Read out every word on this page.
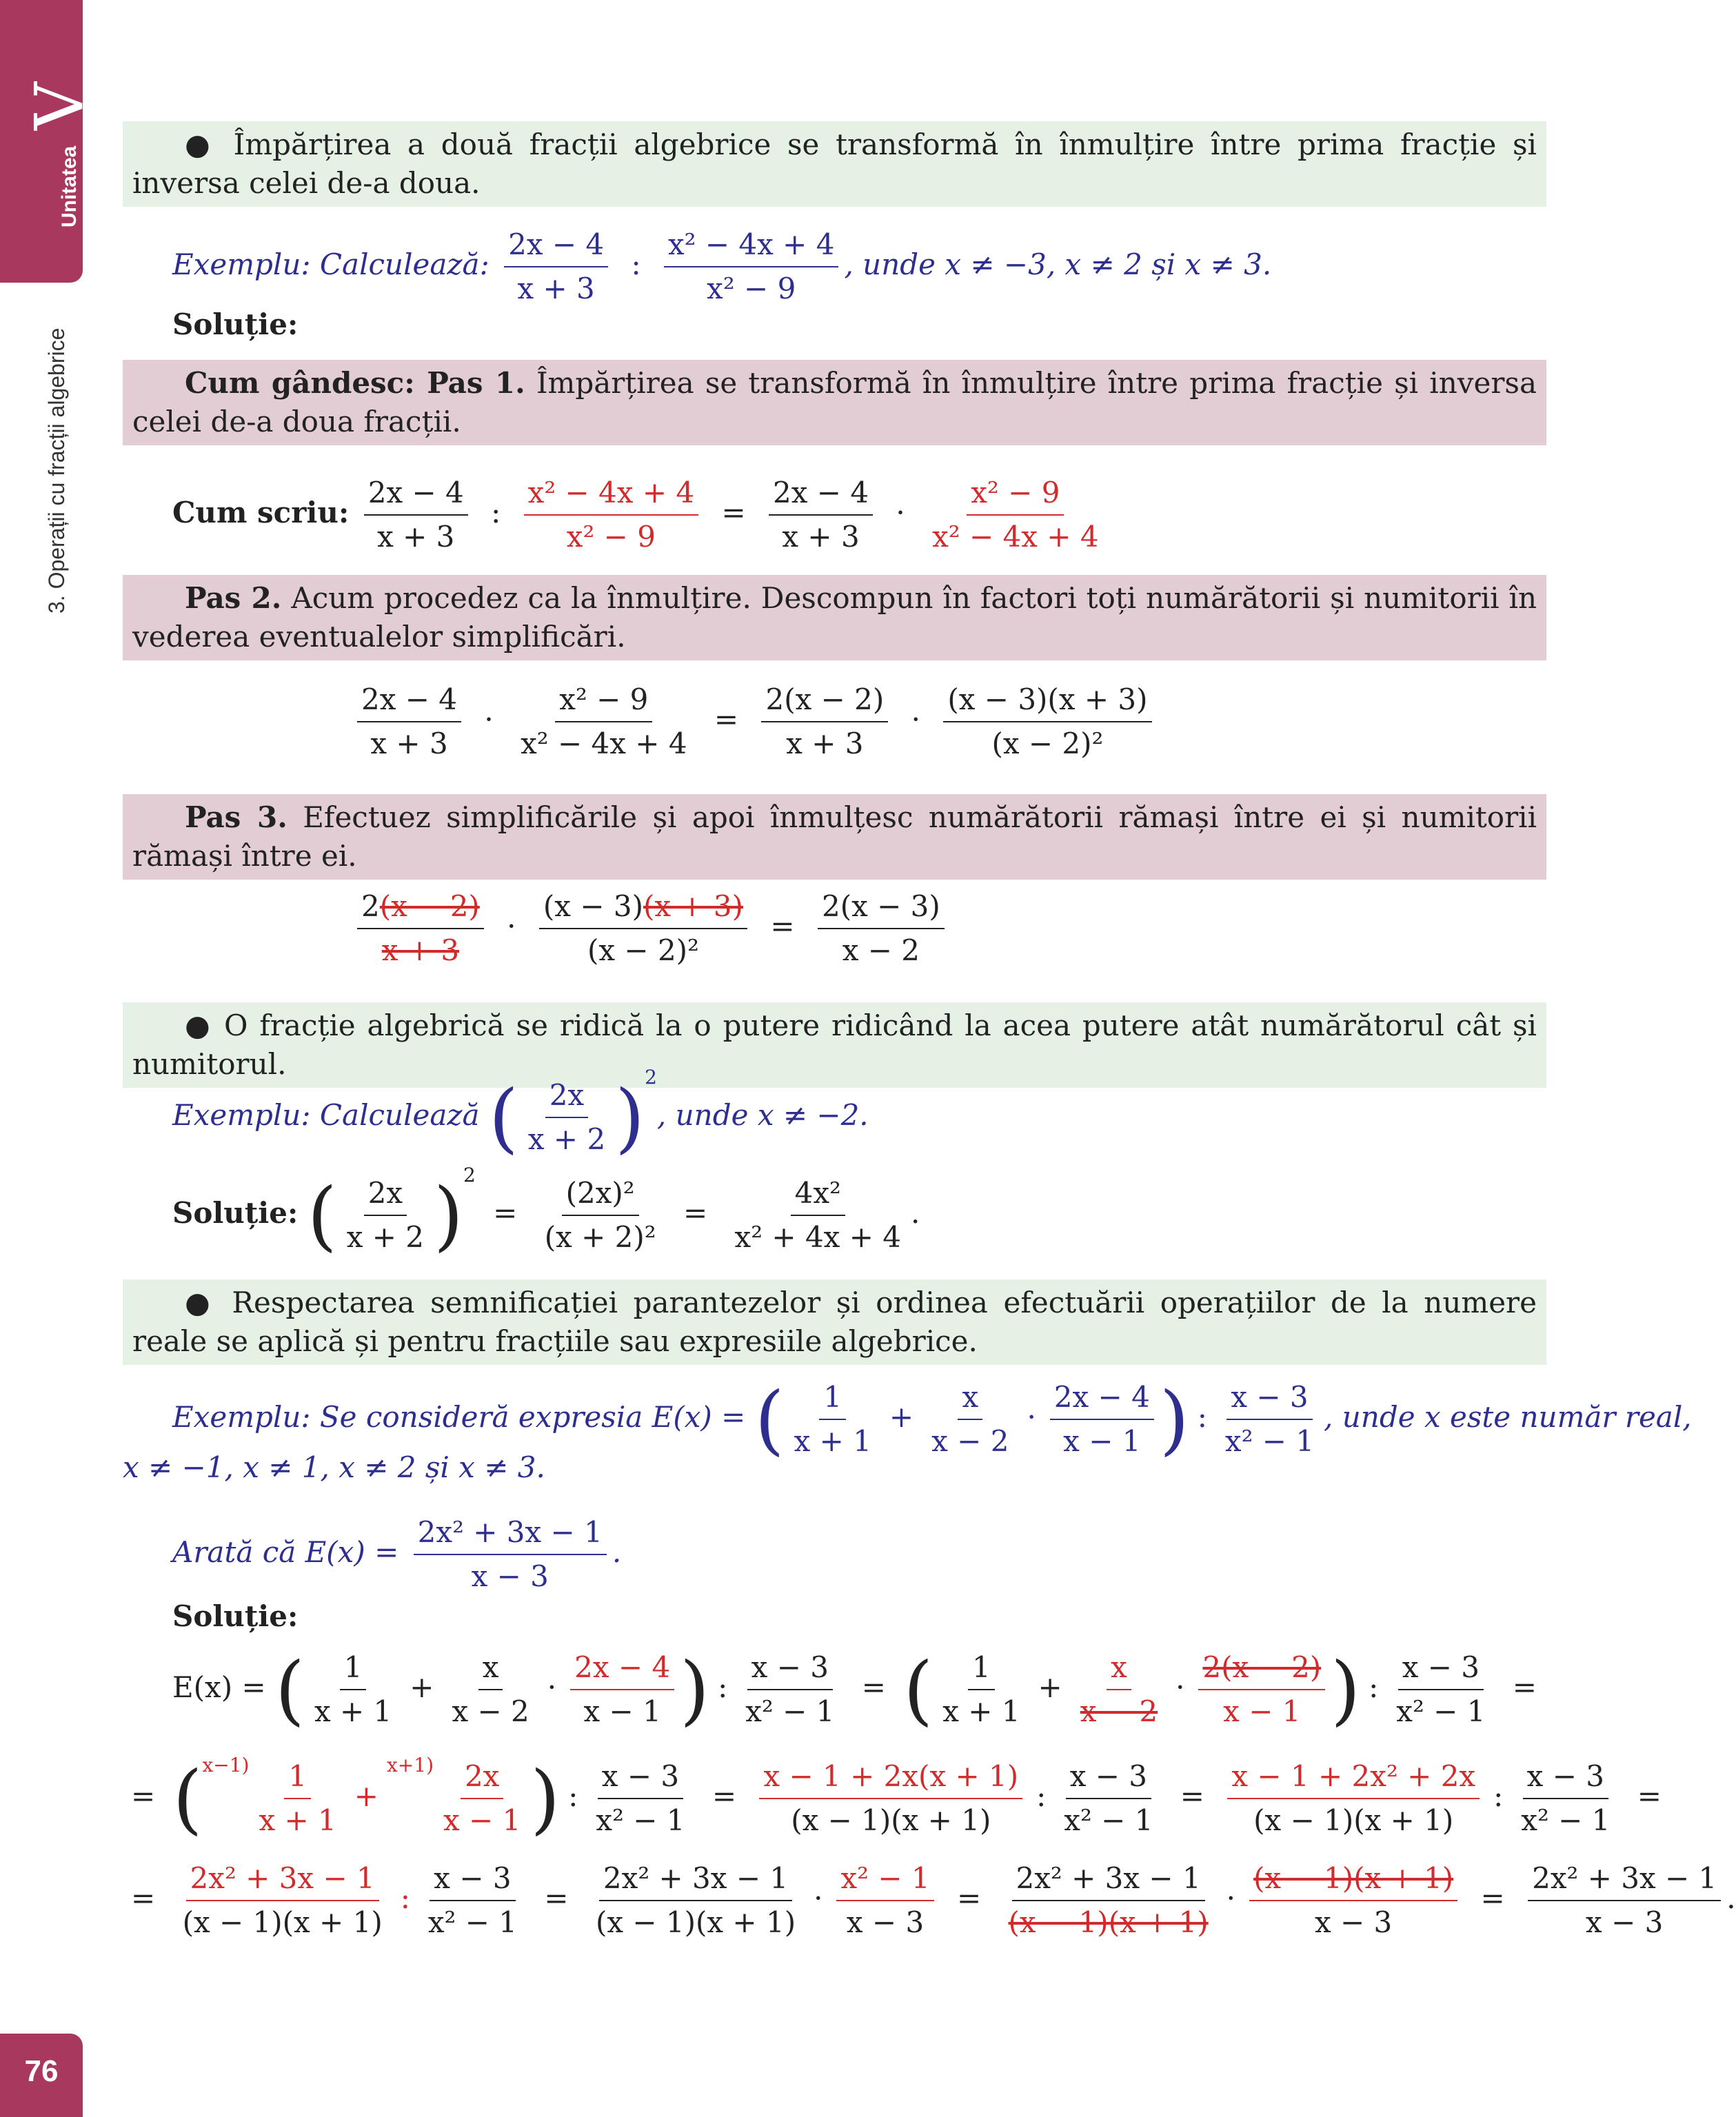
V
Unitatea
3. Operații cu fracții algebrice
76
● Împărțirea a două fracții algebrice se transformă în înmulțire între prima fracție și inversa celei de-a doua.
Exemplu: Calculează: $\frac{2x - 4}{x + 3}$ : $\frac{\text{x² − 4x + 4}}{\text{x² − 9}}$ , unde x ≠ −3, x ≠ 2 și x ≠ 3.
Soluție:
Cum gândesc: Pas 1. Împărțirea se transformă în înmulțire între prima fracție și inversa celei de-a doua fracții.
Cum scriu: $\frac{2x - 4}{x + 3}$ : $\frac{\text{x² − 4x + 4}}{\text{x² − 9}} = \frac{2x - 4}{x + 3} \cdot \frac{\text{x² − 9}}{\text{x² − 4x + 4}}$
Pas 2. Acum procedez ca la înmulțire. Descompun în factori toți numărătorii și numitorii în vederea eventualelor simplificări.
$\frac{2x - 4}{x + 3} \cdot \frac{\text{x² − 9}}{\text{x² − 4x + 4}} = \frac{2(x - 2)}{x + 3} \cdot \frac{(x - 3)(x + 3)}{\text{(x − 2)²}}$
Pas 3. Efectuez simplificările și apoi înmulțesc numărătorii rămași între ei și numitorii rămași între ei.
$\frac{2(x - 2)}{x + 3} \cdot \frac{(x - 3)(x + 3)}{\text{(x − 2)²}} = \frac{2(x - 3)}{x - 2}$
● O fracție algebrică se ridică la o putere ridicând la acea putere atât numărătorul cât și numitorul.
Exemplu: Calculează ( $\frac{2x}{x + 2} )^2$, unde x ≠ −2.
Soluție: ( $\frac{2x}{x + 2} )^2 = \frac{\text{(2x)²}}{\text{(x + 2)²}} = \frac{\text{4x²}}{\text{x² + 4x + 4}}$ .
● Respectarea semnificației parantezelor și ordinea efectuării operațiilor de la numere reale se aplică și pentru fracțiile sau expresiile algebrice.
Exemplu: Se consideră expresia E(x) = ( $\frac{1}{x + 1} + \frac{x}{x - 2} \cdot \frac{2x - 4}{x - 1}$ ) : $\frac{x - 3}{\text{x² − 1}}$ , unde x este număr real,
x ≠ −1, x ≠ 1, x ≠ 2 și x ≠ 3.
Arată că $E(x) = \frac{\text{2x² + 3x − 1}}{x - 3}$ .
Soluție:
E(x) = ( $\frac{1}{x + 1} + \frac{x}{x - 2} \cdot \frac{2x - 4}{x - 1}$ ) : $\frac{x - 3}{\text{x² − 1}}$ = ( $\frac{1}{x + 1} + \frac{x}{x - 2} \cdot \frac{2(x - 2)}{x - 1}$ ) : $\frac{x - 3}{\text{x² − 1}}$ =
= ($^{x-1)} \frac{1}{x + 1} +^{x+1)} \frac{2x}{x - 1}$ ) : $\frac{x - 3}{\text{x² − 1}} = \frac{x - 1 + 2x(x + 1)}{(x - 1)(x + 1)}$ : $\frac{x - 3}{\text{x² − 1}} = \frac{\text{x − 1 + 2x² + 2x}}{(x - 1)(x + 1)}$ : $\frac{x - 3}{\text{x² − 1}}$ =
= $\frac{\text{2x² + 3x − 1}}{(x - 1)(x + 1)}$ : $\frac{x - 3}{\text{x² − 1}} = \frac{\text{2x² + 3x − 1}}{(x - 1)(x + 1)} \cdot \frac{\text{x² − 1}}{x - 3} = \frac{\text{2x² + 3x − 1}}{(x - 1)(x + 1)} \cdot \frac{(x - 1)(x + 1)}{x - 3} = \frac{\text{2x² + 3x − 1}}{x - 3}$ .
